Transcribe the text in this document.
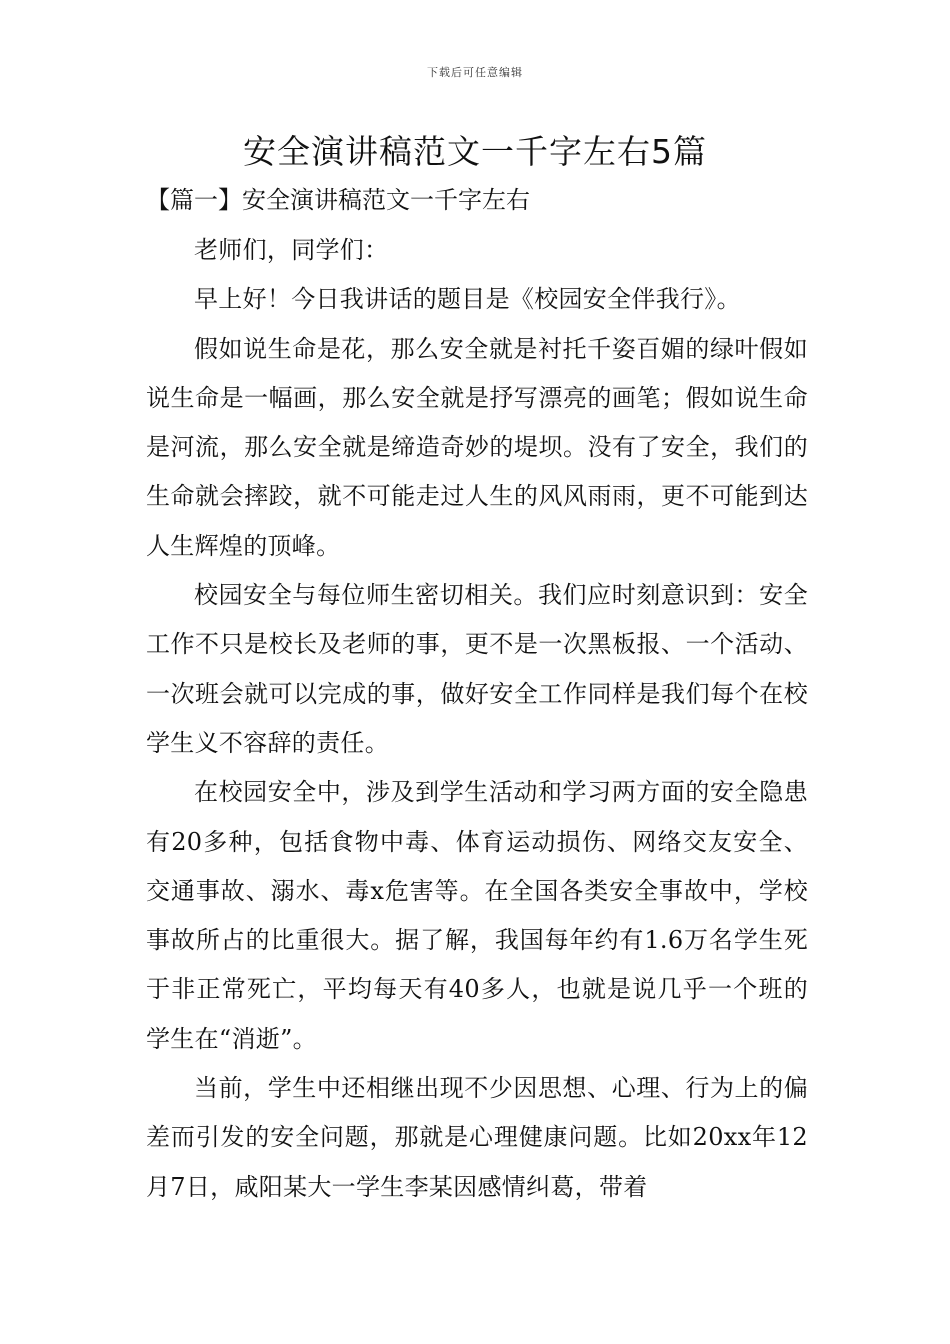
下载后可任意编辑
安全演讲稿范文一千字左右5篇
【篇一】安全演讲稿范文一千字左右

老师们，同学们：

早上好！今日我讲话的题目是《校园安全伴我行》。

假如说生命是花，那么安全就是衬托千姿百媚的绿叶假如说生命是一幅画，那么安全就是抒写漂亮的画笔；假如说生命是河流，那么安全就是缔造奇妙的堤坝。没有了安全，我们的生命就会摔跤，就不可能走过人生的风风雨雨，更不可能到达人生辉煌的顶峰。

校园安全与每位师生密切相关。我们应时刻意识到：安全工作不只是校长及老师的事，更不是一次黑板报、一个活动、一次班会就可以完成的事，做好安全工作同样是我们每个在校学生义不容辞的责任。

在校园安全中，涉及到学生活动和学习两方面的安全隐患有20多种，包括食物中毒、体育运动损伤、网络交友安全、交通事故、溺水、毒x危害等。在全国各类安全事故中，学校事故所占的比重很大。据了解，我国每年约有1.6万名学生死于非正常死亡，平均每天有40多人，也就是说几乎一个班的学生在“消逝”。

当前，学生中还相继出现不少因思想、心理、行为上的偏差而引发的安全问题，那就是心理健康问题。比如20xx年12月7日，咸阳某大一学生李某因感情纠葛，带着
